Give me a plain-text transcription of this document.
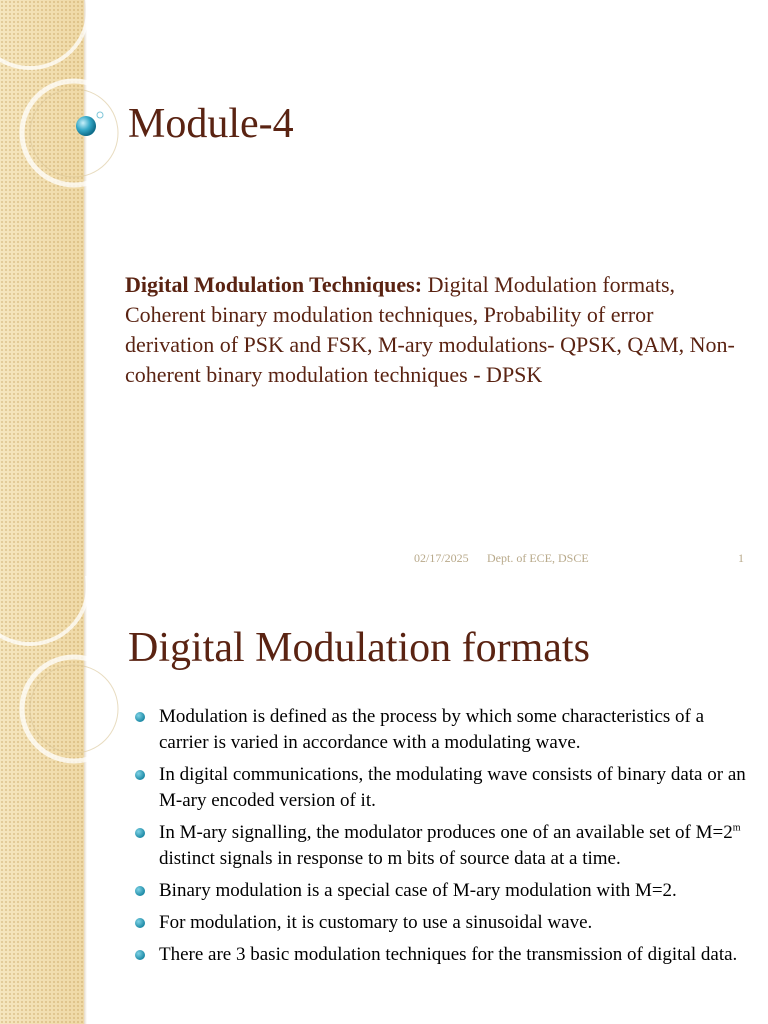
Module-4

Digital Modulation Techniques: Digital Modulation formats, Coherent binary modulation techniques, Probability of error derivation of PSK and FSK, M-ary modulations- QPSK, QAM, Non-coherent binary modulation techniques - DPSK

02/17/2025 Dept. of ECE, DSCE	1
Digital Modulation formats
Modulation is defined as the process by which some characteristics of a carrier is varied in accordance with a modulating wave.
In digital communications, the modulating wave consists of binary data or an M-ary encoded version of it.
In M-ary signalling, the modulator produces one of an available set of $M=2^m$ distinct signals in response to m bits of source data at a time.
Binary modulation is a special case of M-ary modulation with M=2.
For modulation, it is customary to use a sinusoidal wave.
There are 3 basic modulation techniques for the transmission of digital data.
